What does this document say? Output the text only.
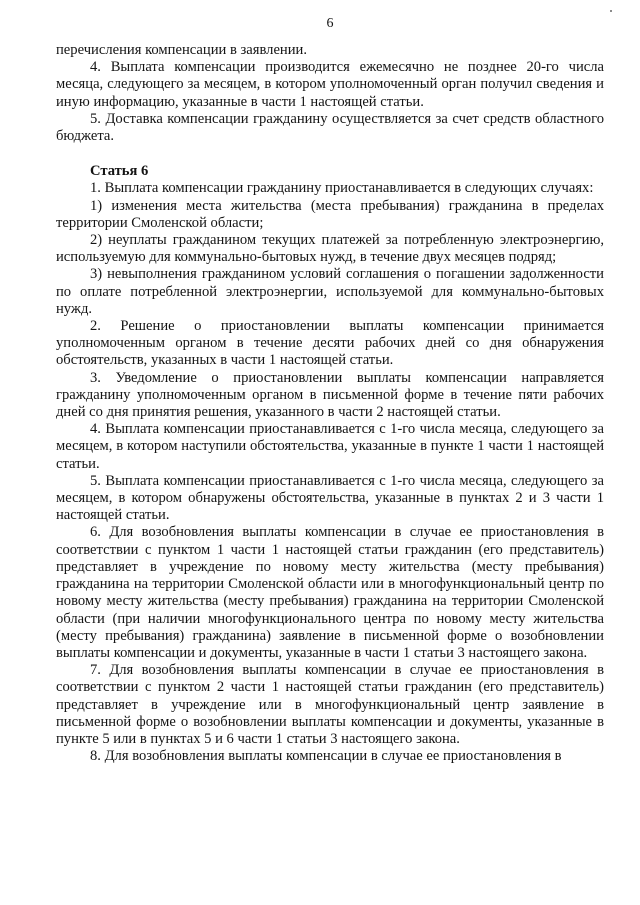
6

перечисления компенсации в заявлении.

4. Выплата компенсации производится ежемесячно не позднее 20-го числа месяца, следующего за месяцем, в котором уполномоченный орган получил сведения и иную информацию, указанные в части 1 настоящей статьи.

5. Доставка компенсации гражданину осуществляется за счет средств областного бюджета.

Статья 6

1. Выплата компенсации гражданину приостанавливается в следующих случаях:

1) изменения места жительства (места пребывания) гражданина в пределах территории Смоленской области;

2) неуплаты гражданином текущих платежей за потребленную электроэнергию, используемую для коммунально-бытовых нужд, в течение двух месяцев подряд;

3) невыполнения гражданином условий соглашения о погашении задолженности по оплате потребленной электроэнергии, используемой для коммунально-бытовых нужд.

2. Решение о приостановлении выплаты компенсации принимается уполномоченным органом в течение десяти рабочих дней со дня обнаружения обстоятельств, указанных в части 1 настоящей статьи.

3. Уведомление о приостановлении выплаты компенсации направляется гражданину уполномоченным органом в письменной форме в течение пяти рабочих дней со дня принятия решения, указанного в части 2 настоящей статьи.

4. Выплата компенсации приостанавливается с 1-го числа месяца, следующего за месяцем, в котором наступили обстоятельства, указанные в пункте 1 части 1 настоящей статьи.

5. Выплата компенсации приостанавливается с 1-го числа месяца, следующего за месяцем, в котором обнаружены обстоятельства, указанные в пунктах 2 и 3 части 1 настоящей статьи.

6. Для возобновления выплаты компенсации в случае ее приостановления в соответствии с пунктом 1 части 1 настоящей статьи гражданин (его представитель) представляет в учреждение по новому месту жительства (месту пребывания) гражданина на территории Смоленской области или в многофункциональный центр по новому месту жительства (месту пребывания) гражданина на территории Смоленской области (при наличии многофункционального центра по новому месту жительства (месту пребывания) гражданина) заявление в письменной форме о возобновлении выплаты компенсации и документы, указанные в части 1 статьи 3 настоящего закона.

7. Для возобновления выплаты компенсации в случае ее приостановления в соответствии с пунктом 2 части 1 настоящей статьи гражданин (его представитель) представляет в учреждение или в многофункциональный центр заявление в письменной форме о возобновлении выплаты компенсации и документы, указанные в пункте 5 или в пунктах 5 и 6 части 1 статьи 3 настоящего закона.

8. Для возобновления выплаты компенсации в случае ее приостановления в
